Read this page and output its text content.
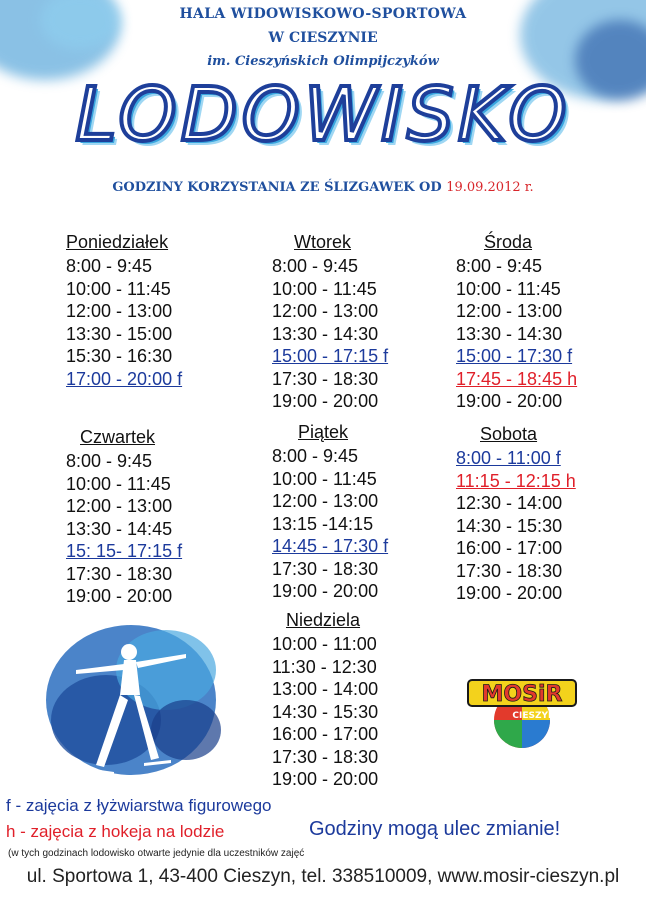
HALA WIDOWISKOWO-SPORTOWA
W CIESZYNIE
im. Cieszyńskich Olimpijczyków
LODOWISKO
GODZINY KORZYSTANIA ZE ŚLIZGAWEK OD 19.09.2012 r.
Poniedziałek
8:00 - 9:45
10:00 - 11:45
12:00 - 13:00
13:30 - 15:00
15:30 - 16:30
17:00 - 20:00 f
Wtorek
8:00 - 9:45
10:00 - 11:45
12:00 - 13:00
13:30 - 14:30
15:00 - 17:15 f
17:30 - 18:30
19:00 - 20:00
Środa
8:00 - 9:45
10:00 - 11:45
12:00 - 13:00
13:30 - 14:30
15:00 - 17:30 f
17:45 - 18:45 h
19:00 - 20:00
Czwartek
8:00 - 9:45
10:00 - 11:45
12:00 - 13:00
13:30 - 14:45
15: 15- 17:15 f
17:30 - 18:30
19:00 - 20:00
Piątek
8:00 - 9:45
10:00 - 11:45
12:00 - 13:00
13:15 -14:15
14:45 - 17:30 f
17:30 - 18:30
19:00 - 20:00
Sobota
8:00 - 11:00 f
11:15 - 12:15 h
12:30 - 14:00
14:30 - 15:30
16:00 - 17:00
17:30 - 18:30
19:00 - 20:00
Niedziela
10:00 - 11:00
11:30 - 12:30
13:00 - 14:00
14:30 - 15:30
16:00 - 17:00
17:30 - 18:30
19:00 - 20:00
MOSiR
CIESZYN
f - zajęcia z łyżwiarstwa figurowego
h - zajęcia z hokeja na lodzie
(w tych godzinach lodowisko otwarte jedynie dla uczestników zajęć
Godziny mogą ulec zmianie!
ul. Sportowa 1, 43-400 Cieszyn, tel. 338510009, www.mosir-cieszyn.pl
